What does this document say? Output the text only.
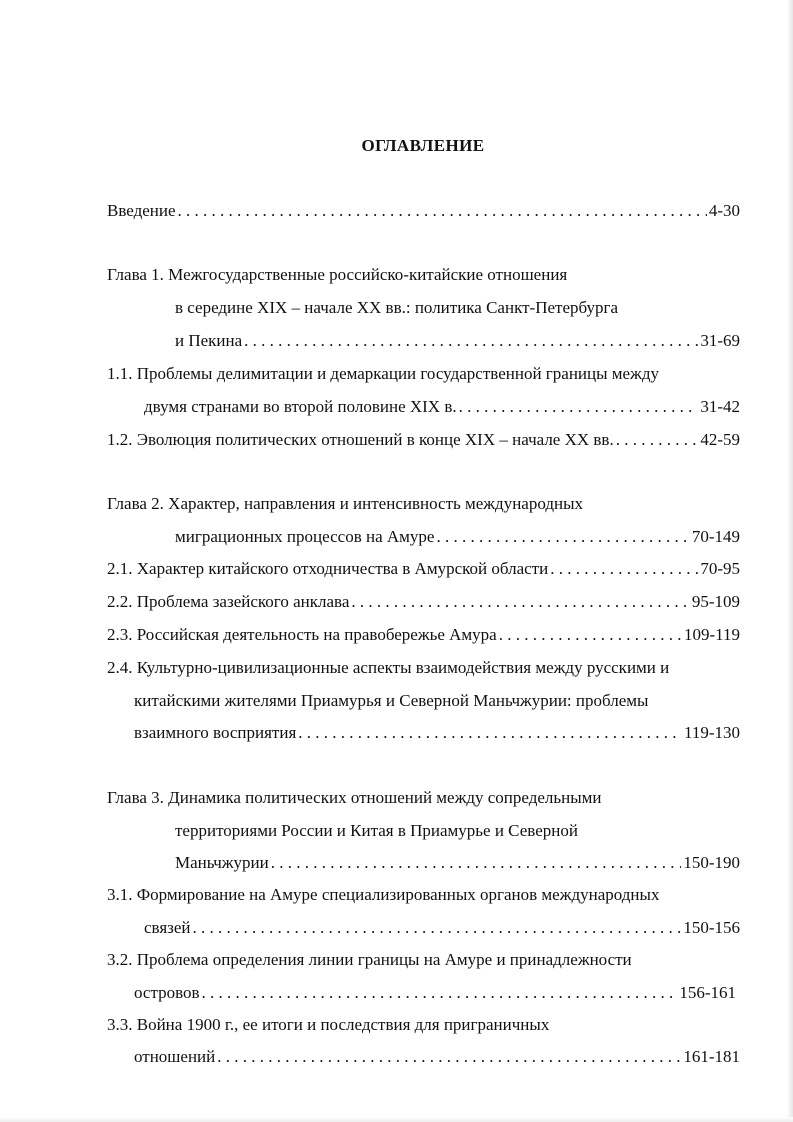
ОГЛАВЛЕНИЕ
Введение . . .	4-30
Глава 1. Межгосударственные российско-китайские отношения
в середине XIX – начале XX вв.: политика Санкт-Петербурга
и Пекина . . .	31-69
1.1. Проблемы делимитации и демаркации государственной границы между
двумя странами во второй половине XIX в. . . .	31-42
1.2. Эволюция политических отношений в конце XIX – начале XX вв. . . .	42-59
Глава 2. Характер, направления и интенсивность международных
миграционных процессов на Амуре . . .	70-149
2.1. Характер китайского отходничества в Амурской области . . .	70-95
2.2. Проблема зазейского анклава . . .	95-109
2.3. Российская деятельность на правобережье Амура . . .	109-119
2.4. Культурно-цивилизационные аспекты взаимодействия между русскими и
китайскими жителями Приамурья и Северной Маньчжурии: проблемы
взаимного восприятия . . .	119-130
Глава 3. Динамика политических отношений между сопредельными
территориями России и Китая в Приамурье и Северной
Маньчжурии . . .	150-190
3.1. Формирование на Амуре специализированных органов международных
связей . . .	150-156
3.2. Проблема определения линии границы на Амуре и принадлежности
островов . . .	156-161
3.3. Война 1900 г., ее итоги и последствия для приграничных
отношений . . .	161-181
